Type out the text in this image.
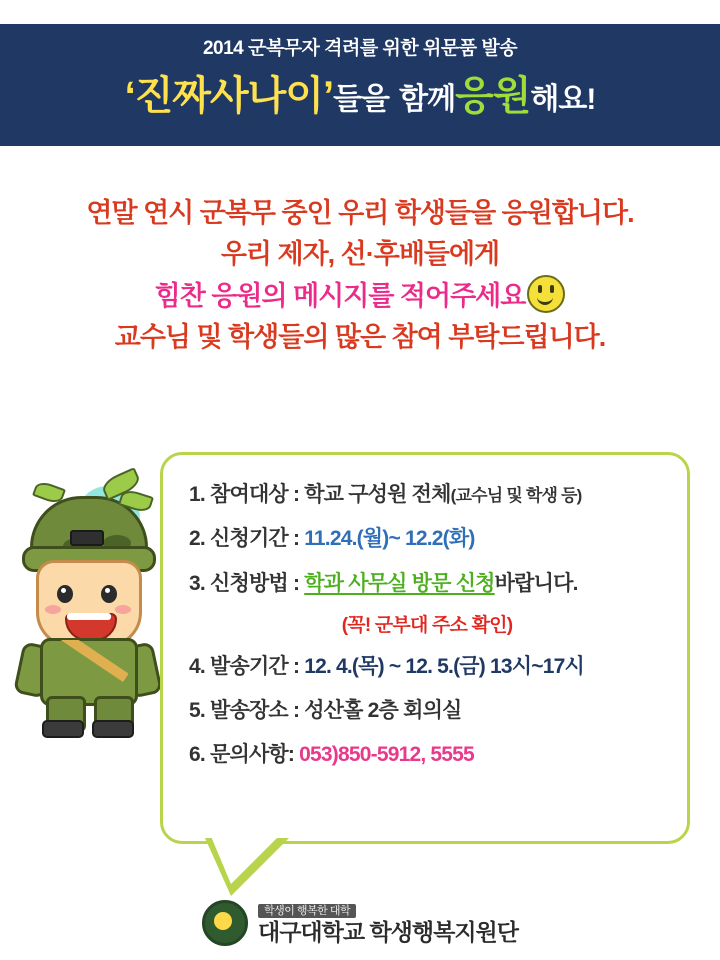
2014 군복무자 격려를 위한 위문품 발송
‘진짜사나이’들을 함께응원해요!
연말 연시 군복무 중인 우리 학생들을 응원합니다.
우리 제자, 선·후배들에게
힘찬 응원의 메시지를 적어주세요
교수님 및 학생들의 많은 참여 부탁드립니다.
1. 참여대상 : 학교 구성원 전체(교수님 및 학생 등)
2. 신청기간 : 11.24.(월)~ 12.2(화)
3. 신청방법 : 학과 사무실 방문 신청바랍니다.
(꼭! 군부대 주소 확인)
4. 발송기간 : 12. 4.(목) ~ 12. 5.(금) 13시~17시
5. 발송장소 : 성산홀 2층 회의실
6. 문의사항: 053)850-5912, 5555
학생이 행복한 대학
대구대학교 학생행복지원단
